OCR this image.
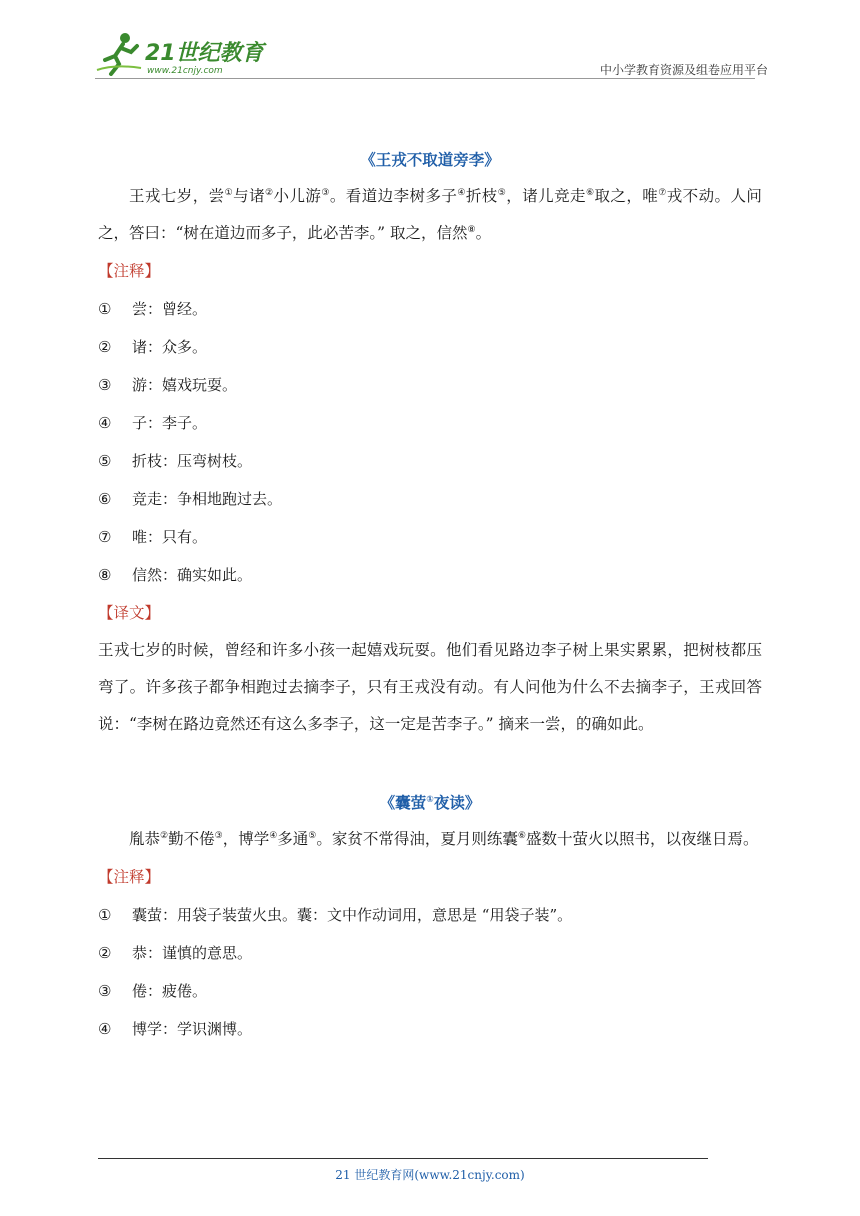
21世纪教育
www.21cnjy.com	中小学教育资源及组卷应用平台
《王戎不取道旁李》

王戎七岁，尝①与诸②小儿游③。看道边李树多子④折枝⑤，诸儿竞走⑥取之，唯⑦戎不动。人问之，答曰：“树在道边而多子，此必苦李。” 取之，信然⑧。

【注释】
① 尝：曾经。
② 诸：众多。
③ 游：嬉戏玩耍。
④ 子：李子。
⑤ 折枝：压弯树枝。
⑥ 竞走：争相地跑过去。
⑦ 唯：只有。
⑧ 信然：确实如此。
【译文】

王戎七岁的时候，曾经和许多小孩一起嬉戏玩耍。他们看见路边李子树上果实累累，把树枝都压弯了。许多孩子都争相跑过去摘李子，只有王戎没有动。有人问他为什么不去摘李子，王戎回答说：“李树在路边竟然还有这么多李子，这一定是苦李子。” 摘来一尝，的确如此。

《囊萤①夜读》

胤恭②勤不倦③，博学④多通⑤。家贫不常得油，夏月则练囊⑥盛数十萤火以照书，以夜继日焉。

【注释】
① 囊萤：用袋子装萤火虫。囊：文中作动词用，意思是 “用袋子装”。
② 恭：谨慎的意思。
③ 倦：疲倦。
④ 博学：学识渊博。
21 世纪教育网(www.21cnjy.com)
